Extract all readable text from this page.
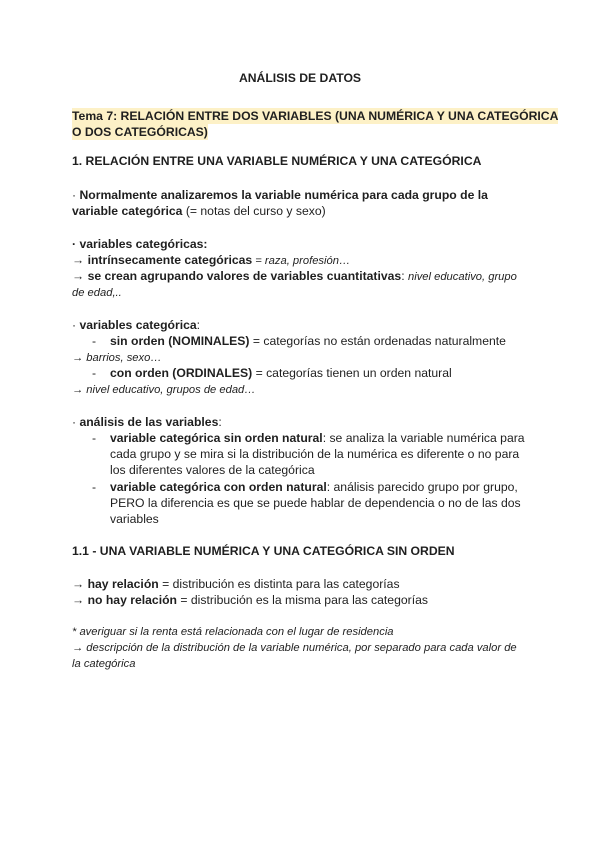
ANÁLISIS DE DATOS
Tema 7: RELACIÓN ENTRE DOS VARIABLES (UNA NUMÉRICA Y UNA CATEGÓRICA
O DOS CATEGÓRICAS)
1. RELACIÓN ENTRE UNA VARIABLE NUMÉRICA Y UNA CATEGÓRICA
· Normalmente analizaremos la variable numérica para cada grupo de la
variable categórica (= notas del curso y sexo)
· variables categóricas:
→ intrínsecamente categóricas = raza, profesión…
→ se crean agrupando valores de variables cuantitativas: nivel educativo, grupo
de edad,..
· variables categórica:
- sin orden (NOMINALES) = categorías no están ordenadas naturalmente
→ barrios, sexo…
- con orden (ORDINALES) = categorías tienen un orden natural
→ nivel educativo, grupos de edad…
· análisis de las variables:
- variable categórica sin orden natural: se analiza la variable numérica para
cada grupo y se mira si la distribución de la numérica es diferente o no para
los diferentes valores de la categórica
- variable categórica con orden natural: análisis parecido grupo por grupo,
PERO la diferencia es que se puede hablar de dependencia o no de las dos
variables
1.1 - UNA VARIABLE NUMÉRICA Y UNA CATEGÓRICA SIN ORDEN
→ hay relación = distribución es distinta para las categorías
→ no hay relación = distribución es la misma para las categorías
* averiguar si la renta está relacionada con el lugar de residencia
→ descripción de la distribución de la variable numérica, por separado para cada valor de
la categórica
